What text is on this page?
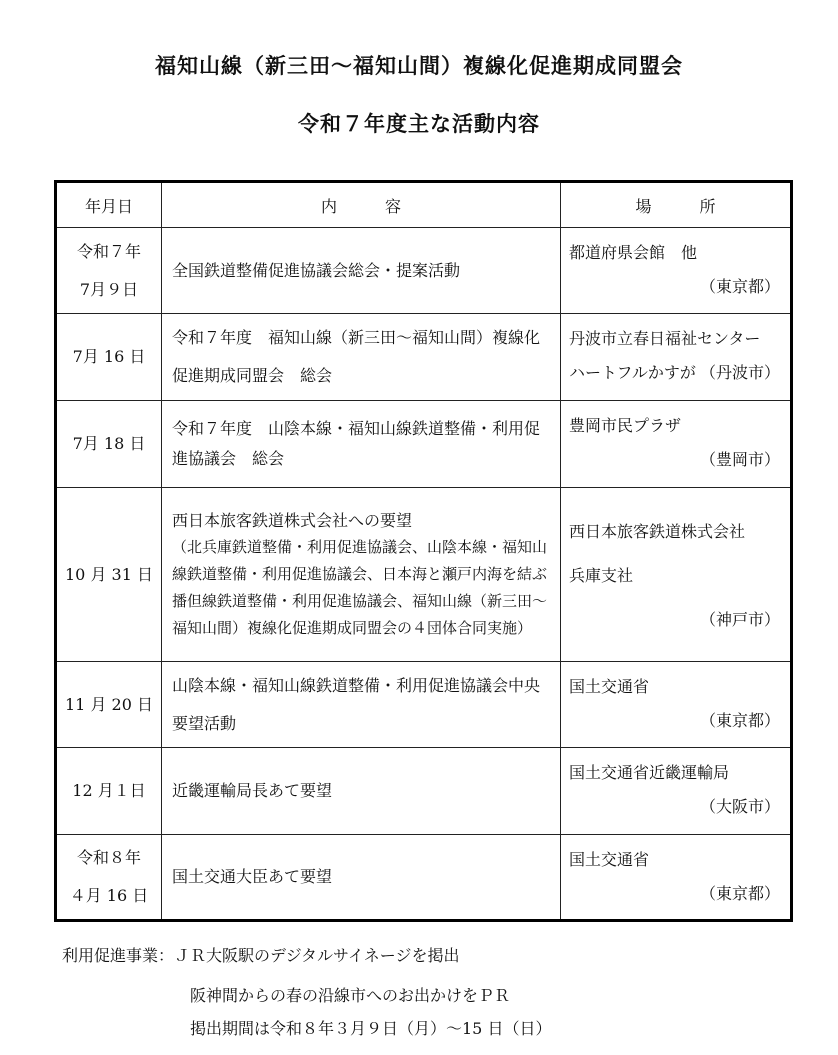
福知山線（新三田～福知山間）複線化促進期成同盟会
令和７年度主な活動内容
年月日	内　　　容	場　　　所
令和７年
7月９日	全国鉄道整備促進協議会総会・提案活動	都道府県会館　他
（東京都）

7月 16 日	令和７年度　福知山線（新三田～福知山間）複線化促進期成同盟会　総会	丹波市立春日福祉センター
ハートフルかすが （丹波市）

7月 18 日	令和７年度　山陰本線・福知山線鉄道整備・利用促進協議会　総会	豊岡市民プラザ
（豊岡市）

10 月 31 日	西日本旅客鉄道株式会社への要望
（北兵庫鉄道整備・利用促進協議会、山陰本線・福知山線鉄道整備・利用促進協議会、日本海と瀬戸内海を結ぶ播但線鉄道整備・利用促進協議会、福知山線（新三田～福知山間）複線化促進期成同盟会の４団体合同実施）	西日本旅客鉄道株式会社
兵庫支社
（神戸市）

11 月 20 日	山陰本線・福知山線鉄道整備・利用促進協議会中央要望活動	国土交通省
（東京都）

12 月１日	近畿運輸局長あて要望	国土交通省近畿運輸局
（大阪市）

令和８年
４月 16 日	国土交通大臣あて要望	国土交通省
（東京都）
利用促進事業：ＪＲ大阪駅のデジタルサイネージを掲出
阪神間からの春の沿線市へのお出かけをＰＲ
掲出期間は令和８年３月９日（月）～15 日（日）
